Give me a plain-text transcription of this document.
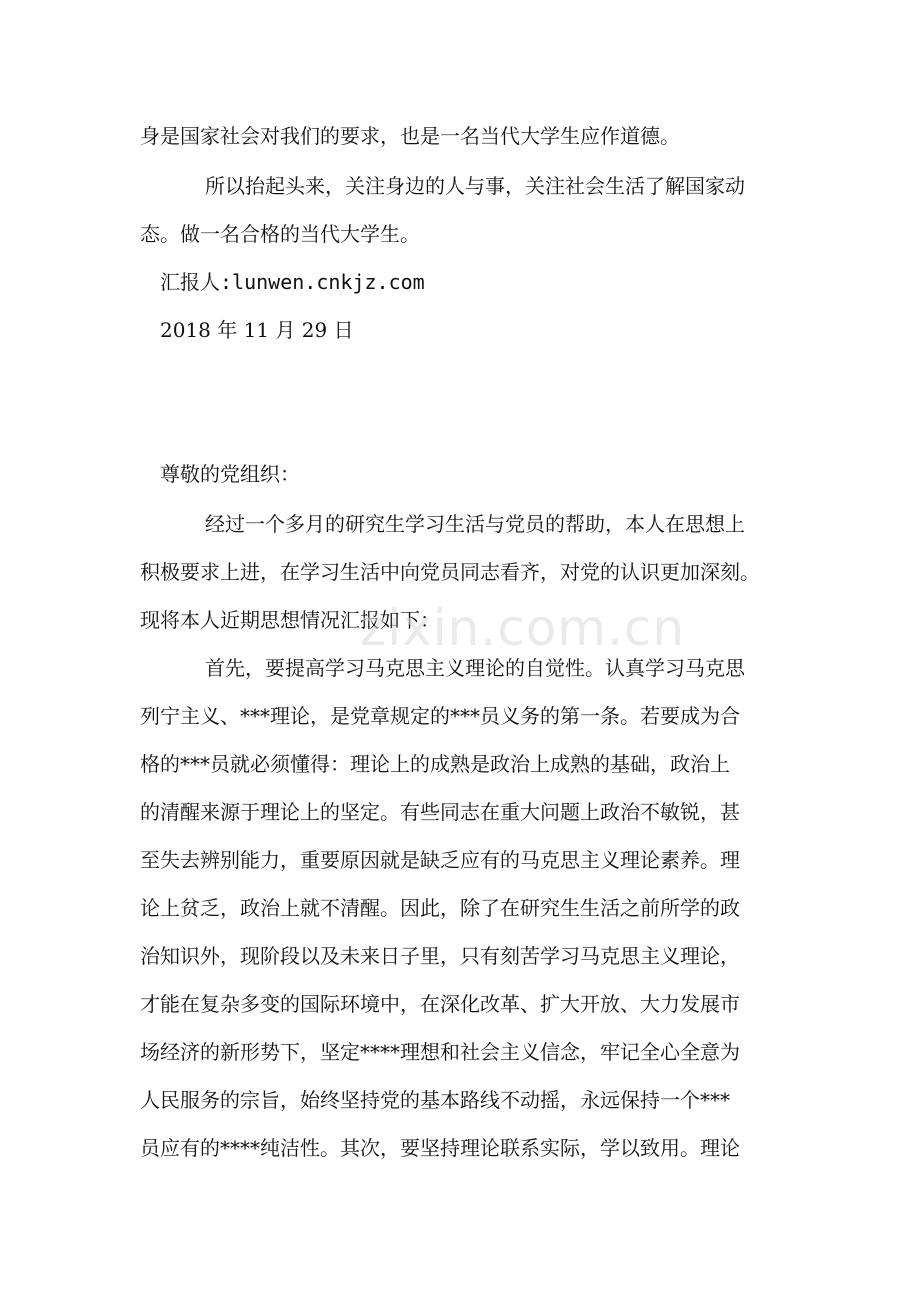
身是国家社会对我们的要求，也是一名当代大学生应作道德。
所以抬起头来，关注身边的人与事，关注社会生活了解国家动
态。做一名合格的当代大学生。
汇报人:lunwen.cnkjz.com
2018 年 11 月 29 日
尊敬的党组织：
经过一个多月的研究生学习生活与党员的帮助，本人在思想上
积极要求上进，在学习生活中向党员同志看齐，对党的认识更加深刻。
现将本人近期思想情况汇报如下：
首先，要提高学习马克思主义理论的自觉性。认真学习马克思
列宁主义、***理论，是党章规定的***员义务的第一条。若要成为合
格的***员就必须懂得：理论上的成熟是政治上成熟的基础，政治上
的清醒来源于理论上的坚定。有些同志在重大问题上政治不敏锐，甚
至失去辨别能力，重要原因就是缺乏应有的马克思主义理论素养。理
论上贫乏，政治上就不清醒。因此，除了在研究生生活之前所学的政
治知识外，现阶段以及未来日子里，只有刻苦学习马克思主义理论，
才能在复杂多变的国际环境中，在深化改革、扩大开放、大力发展市
场经济的新形势下，坚定****理想和社会主义信念，牢记全心全意为
人民服务的宗旨，始终坚持党的基本路线不动摇，永远保持一个***
员应有的****纯洁性。其次，要坚持理论联系实际，学以致用。理论
zixin.com.cn
